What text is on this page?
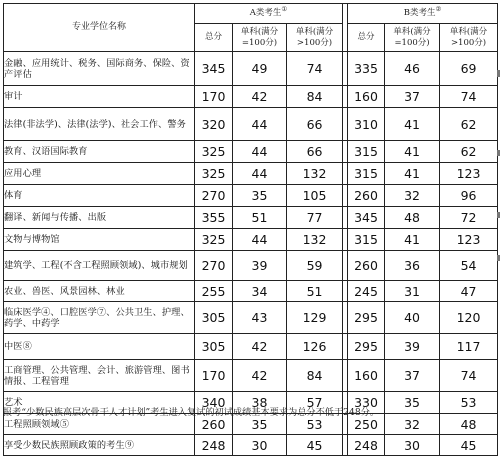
专业学位名称	A类考生①				B类考生②
	总分	单科(满分=100分)	单科(满分>100分)		总分	单科(满分=100分)	单科(满分>100分)
金融、应用统计、税务、国际商务、保险、资产评估	345	49	74		335	46	69
审计	170	42	84		160	37	74
法律(非法学)、法律(法学)、社会工作、警务	320	44	66		310	41	62
教育、汉语国际教育	325	44	66		315	41	62
应用心理	325	44	132		315	41	123
体育	270	35	105		260	32	96
翻译、新闻与传播、出版	355	51	77		345	48	72
文物与博物馆	325	44	132		315	41	123
建筑学、工程(不含工程照顾领域)、城市规划	270	39	59		260	36	54
农业、兽医、风景园林、林业	255	34	51		245	31	47
临床医学④、口腔医学⑦、公共卫生、护理、药学、中药学	305	43	129		295	40	120
中医⑧	305	42	126		295	39	117
工商管理、公共管理、会计、旅游管理、图书情报、工程管理	170	42	84		160	37	74
艺术	340	38	57		330	35	53
工程照顾领域⑤	260	35	53		250	32	48
享受少数民族照顾政策的考生⑨	248	30	45		248	30	45
报考“少数民族高层次骨干人才计划”考生进入复试的初试成绩基本要求为总分不低于248分。
